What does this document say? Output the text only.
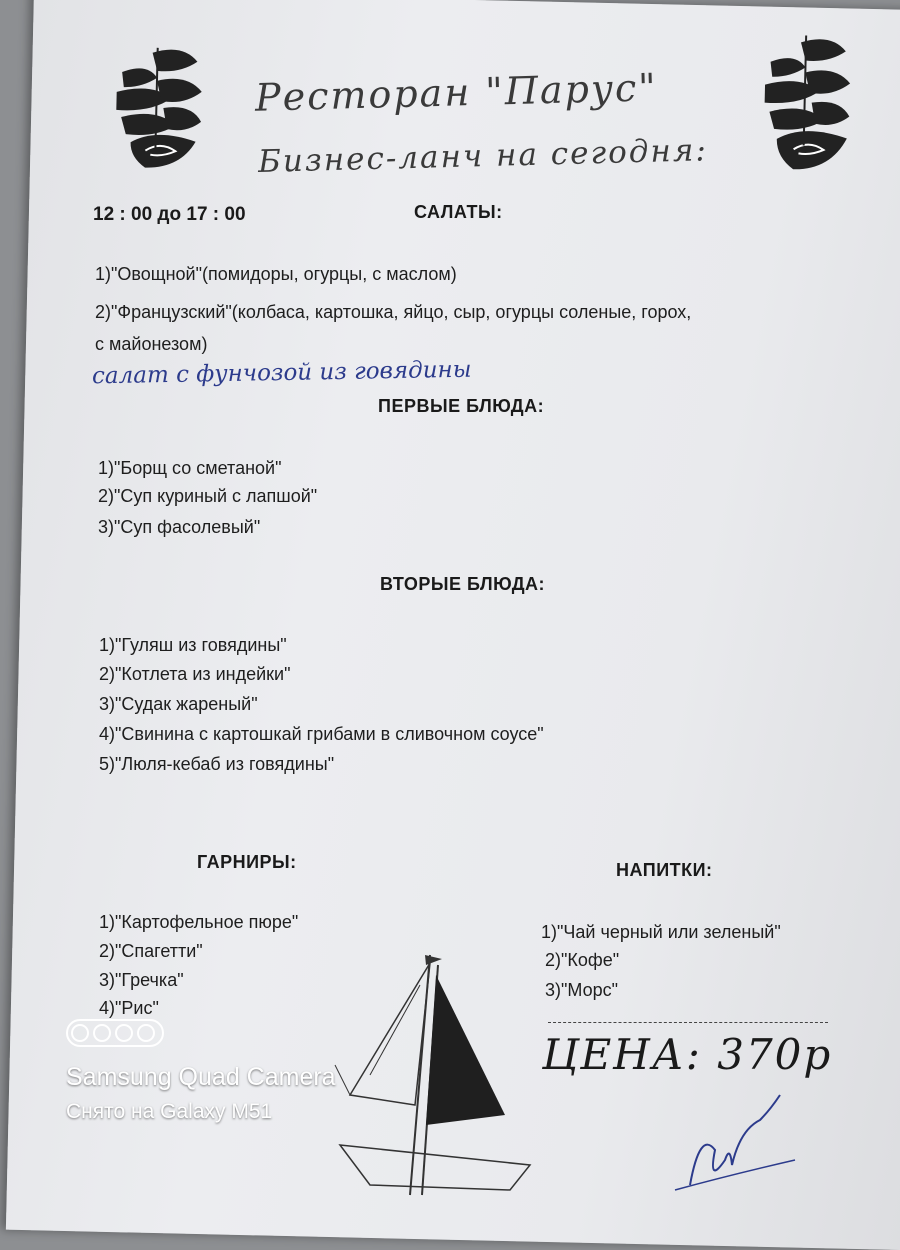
Ресторан "Парус"
Бизнес-ланч на сегодня:
12 : 00 до 17 : 00	САЛАТЫ:
1)"Овощной"(помидоры, огурцы, с маслом)
2)"Французский"(колбаса, картошка, яйцо, сыр, огурцы соленые, горох,
с майонезом)
салат с фунчозой из говядины
ПЕРВЫЕ БЛЮДА:
1)"Борщ со сметаной"
2)"Суп куриный с лапшой"
3)"Суп фасолевый"
ВТОРЫЕ БЛЮДА:
1)"Гуляш из говядины"
2)"Котлета из индейки"
3)"Судак жареный"
4)"Свинина с картошкай грибами в сливочном соусе"
5)"Люля-кебаб из говядины"
ГАРНИРЫ:
1)"Картофельное пюре"
2)"Спагетти"
3)"Гречка"
4)"Рис"
НАПИТКИ:
1)"Чай черный или зеленый"
2)"Кофе"
3)"Морс"
ЦЕНА: 370р
Samsung Quad Camera
Снято на Galaxy M51
